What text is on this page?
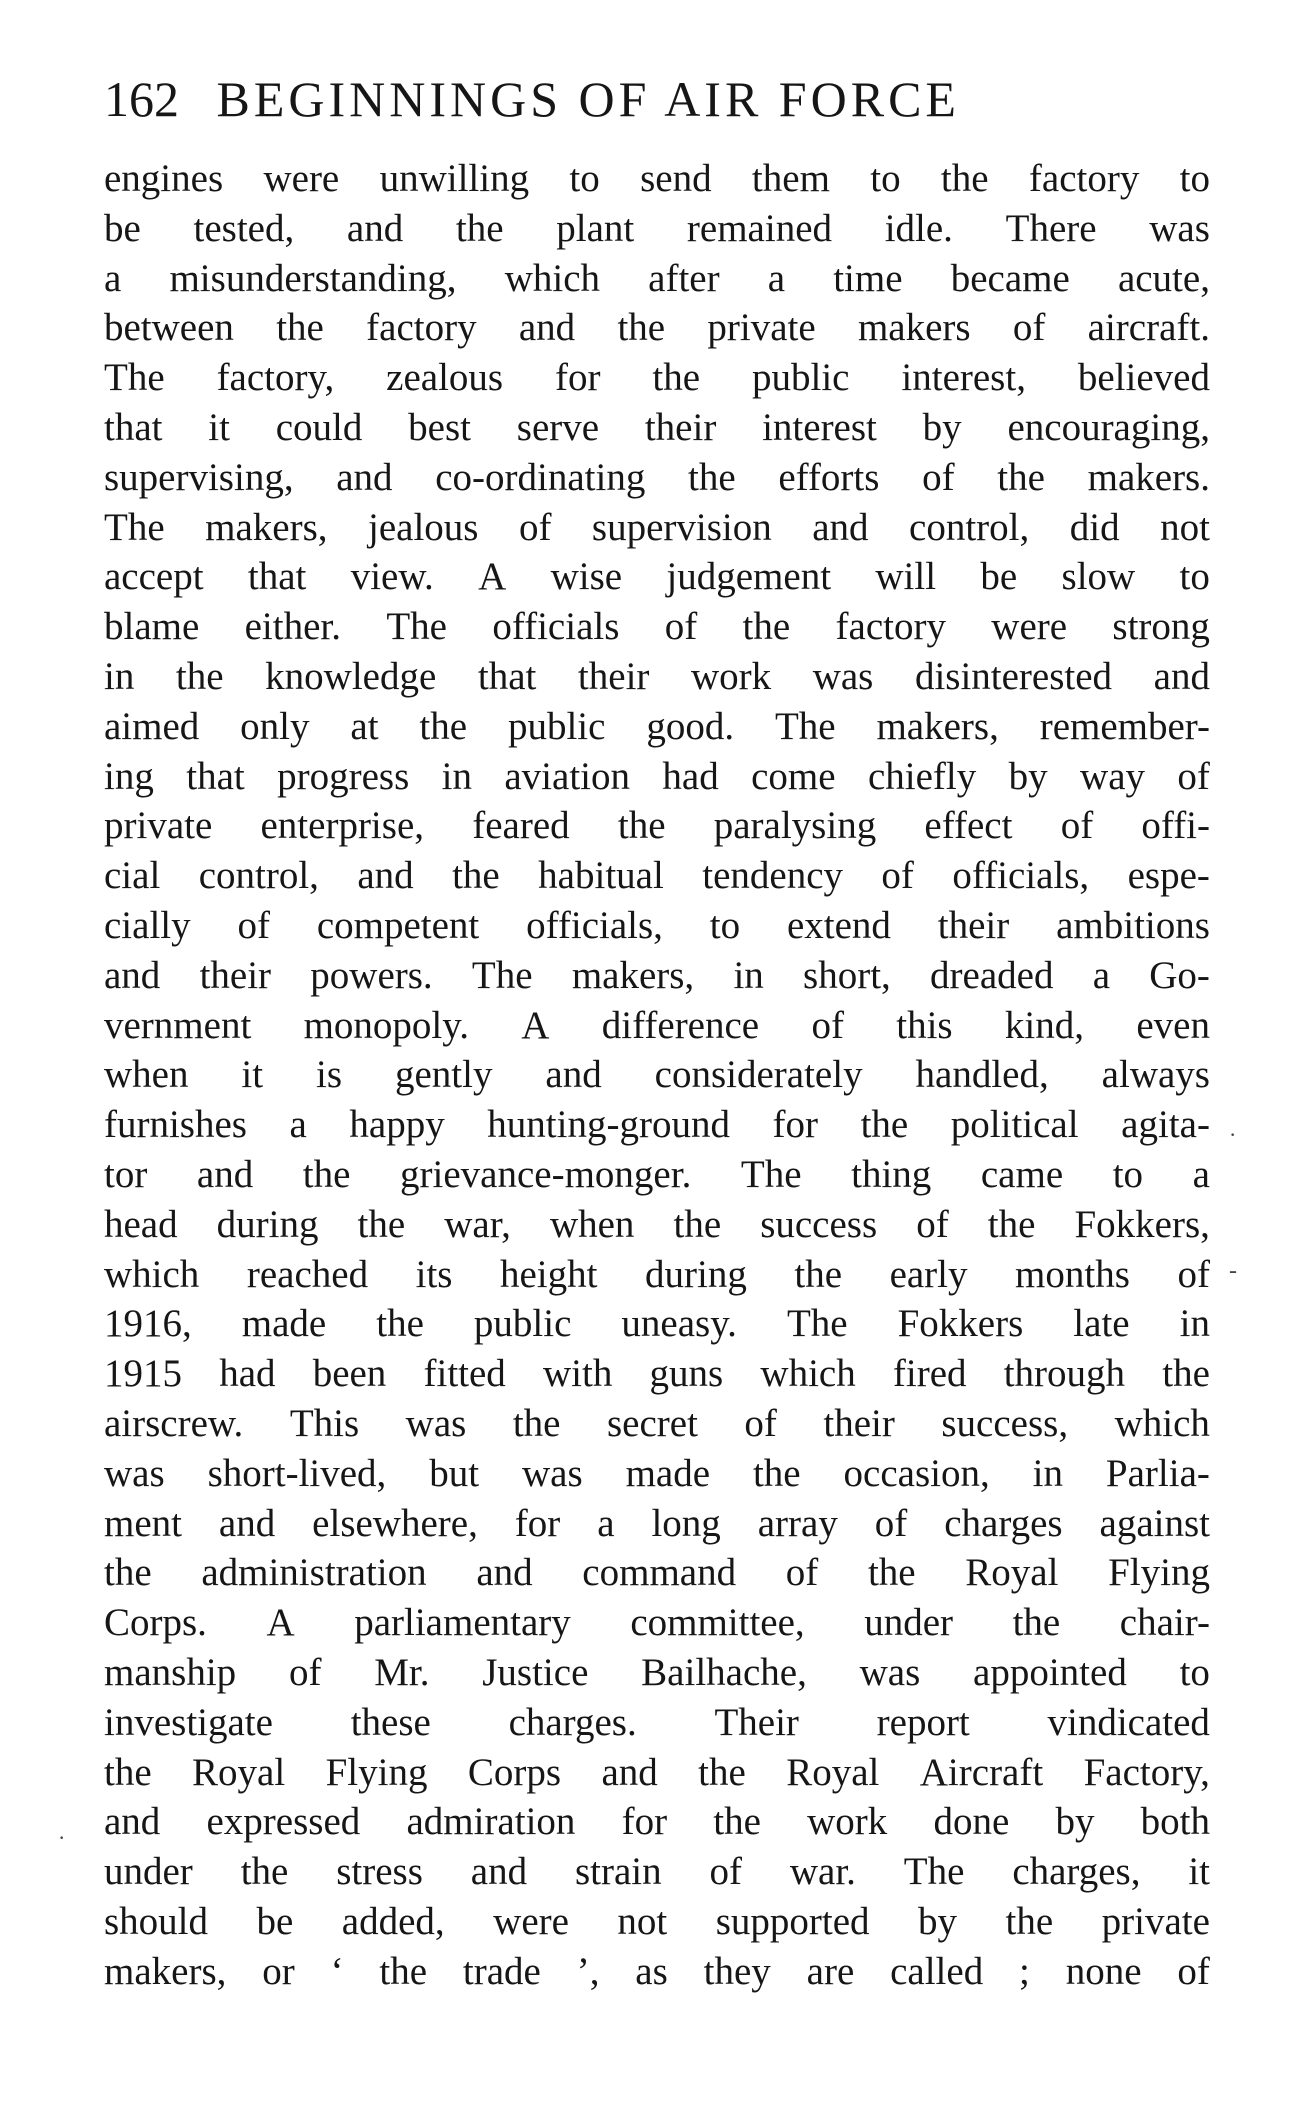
162 BEGINNINGS OF AIR FORCE
engines were unwilling to send them to the factory to
be tested, and the plant remained idle. There was
a misunderstanding, which after a time became acute,
between the factory and the private makers of aircraft.
The factory, zealous for the public interest, believed
that it could best serve their interest by encouraging,
supervising, and co-ordinating the efforts of the makers.
The makers, jealous of supervision and control, did not
accept that view. A wise judgement will be slow to
blame either. The officials of the factory were strong
in the knowledge that their work was disinterested and
aimed only at the public good. The makers, remember-
ing that progress in aviation had come chiefly by way of
private enterprise, feared the paralysing effect of offi-
cial control, and the habitual tendency of officials, espe-
cially of competent officials, to extend their ambitions
and their powers. The makers, in short, dreaded a Go-
vernment monopoly. A difference of this kind, even
when it is gently and considerately handled, always
furnishes a happy hunting-ground for the political agita-
tor and the grievance-monger. The thing came to a
head during the war, when the success of the Fokkers,
which reached its height during the early months of
1916, made the public uneasy. The Fokkers late in
1915 had been fitted with guns which fired through the
airscrew. This was the secret of their success, which
was short-lived, but was made the occasion, in Parlia-
ment and elsewhere, for a long array of charges against
the administration and command of the Royal Flying
Corps. A parliamentary committee, under the chair-
manship of Mr. Justice Bailhache, was appointed to
investigate these charges. Their report vindicated
the Royal Flying Corps and the Royal Aircraft Factory,
and expressed admiration for the work done by both
under the stress and strain of war. The charges, it
should be added, were not supported by the private
makers, or ‘ the trade ’, as they are called ; none of
·
-
·
